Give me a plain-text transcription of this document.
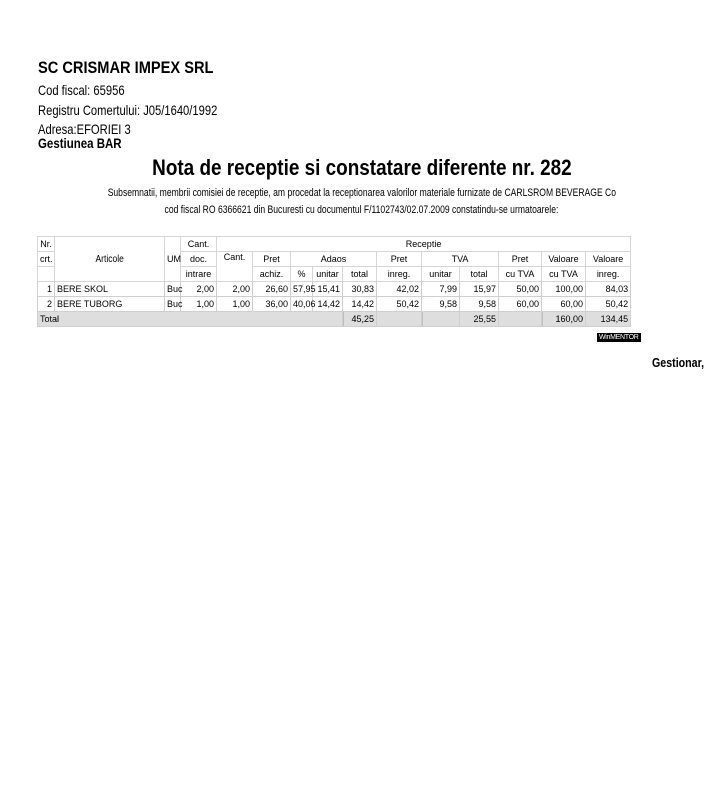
SC CRISMAR IMPEX SRL
Cod fiscal: 65956
Registru Comertului: J05/1640/1992
Adresa:EFORIEI 3
Gestiunea BAR
Nota de receptie si constatare diferente nr. 282
Subsemnatii, membrii comisiei de receptie, am procedat la receptionarea valorilor materiale furnizate de CARLSROM BEVERAGE Co
cod fiscal RO 6366621 din Bucuresti cu documentul F/1102743/02.07.2009 constatindu-se urmatoarele:
Nr.	Articole	UM	Cant.	Receptie										
crt.			doc.	Cant.	Pret	Adaos			Pret	TVA		Pret	Valoare	Valoare
			intrare		achiz.	%	unitar	total	inreg.	unitar	total	cu TVA	cu TVA	inreg.
1	BERE SKOL	Buc	2,00	2,00	26,60	57,95	15,41	30,83	42,02	7,99	15,97	50,00	100,00	84,03
2	BERE TUBORG	Buc	1,00	1,00	36,00	40,06	14,42	14,42	50,42	9,58	9,58	60,00	60,00	50,42
Total								45,25			25,55		160,00	134,45
WinMENTOR
Gestionar,
